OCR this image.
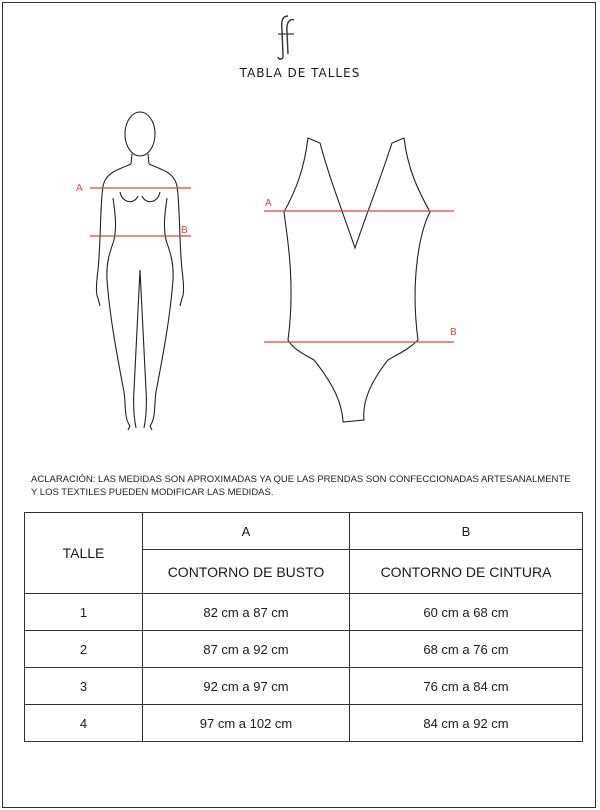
TABLA DE TALLES
A
B
A
B
ACLARACIÓN: LAS MEDIDAS SON APROXIMADAS YA QUE LAS PRENDAS SON CONFECCIONADAS ARTESANALMENTE Y LOS TEXTILES PUEDEN MODIFICAR LAS MEDIDAS.
TALLE	A	B
	CONTORNO DE BUSTO	CONTORNO DE CINTURA
1	82 cm a 87 cm	60 cm a 68 cm
2	87 cm a 92 cm	68 cm a 76 cm
3	92 cm a 97 cm	76 cm a 84 cm
4	97 cm a 102 cm	84 cm a 92 cm
